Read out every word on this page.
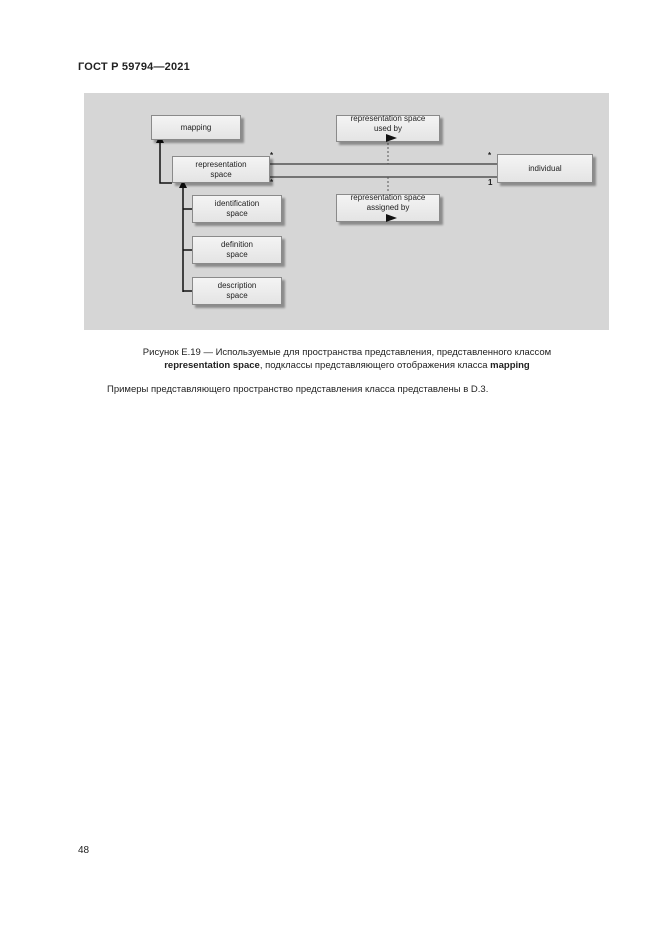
ГОСТ Р 59794—2021
mapping
representation
space
representation space
used by
representation space
assigned by
individual
identification
space
definition
space
description
space
*
*
*
1
Рисунок E.19 — Используемые для пространства представления, представленного классом
representation space, подклассы представляющего отображения класса mapping
Примеры представляющего пространство представления класса представлены в D.3.
48
